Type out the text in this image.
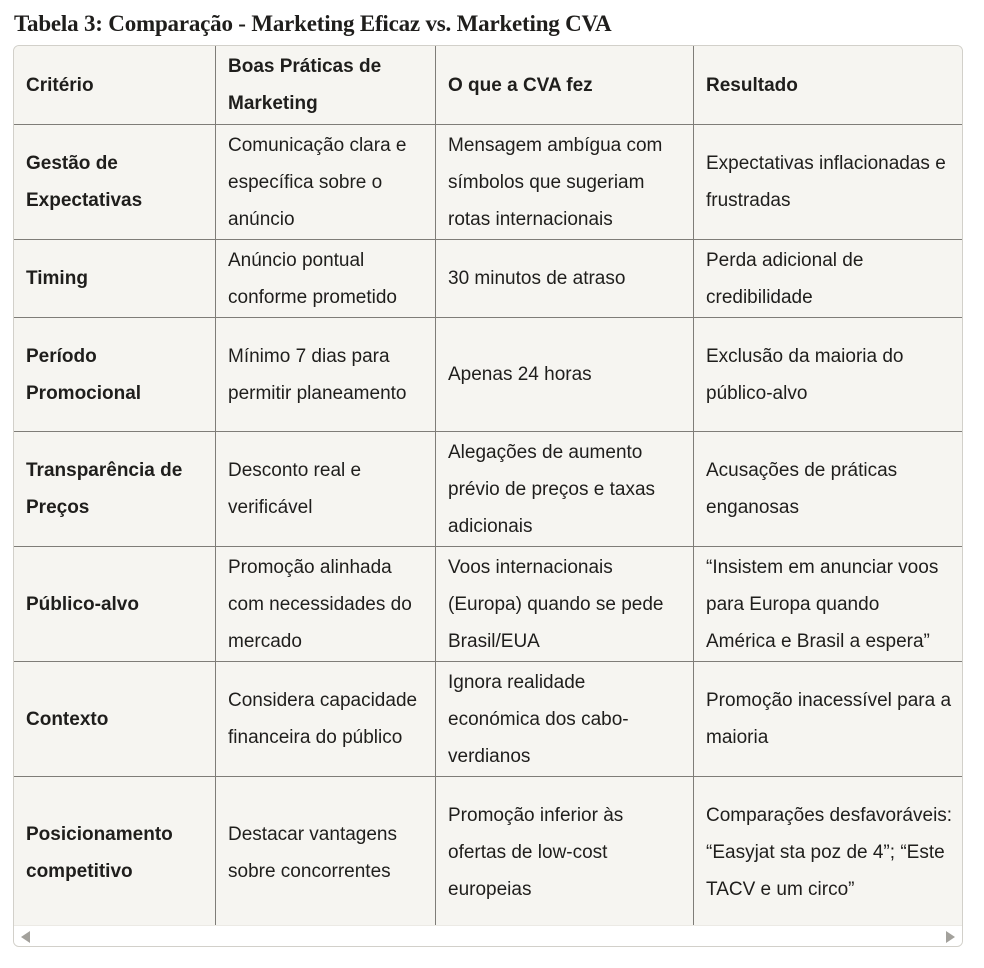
Tabela 3: Comparação - Marketing Eficaz vs. Marketing CVA
Critério	Boas Práticas de Marketing	O que a CVA fez	Resultado
Gestão de Expectativas	Comunicação clara e específica sobre o anúncio	Mensagem ambígua com símbolos que sugeriam rotas internacionais	Expectativas inflacionadas e frustradas
Timing	Anúncio pontual conforme prometido	30 minutos de atraso	Perda adicional de credibilidade
Período Promocional	Mínimo 7 dias para permitir planeamento	Apenas 24 horas	Exclusão da maioria do público-alvo
Transparência de Preços	Desconto real e verificável	Alegações de aumento prévio de preços e taxas adicionais	Acusações de práticas enganosas
Público-alvo	Promoção alinhada com necessidades do mercado	Voos internacionais (Europa) quando se pede Brasil/EUA	“Insistem em anunciar voos para Europa quando América e Brasil a espera”
Contexto	Considera capacidade financeira do público	Ignora realidade económica dos cabo-verdianos	Promoção inacessível para a maioria
Posicionamento competitivo	Destacar vantagens sobre concorrentes	Promoção inferior às ofertas de low-cost europeias	Comparações desfavoráveis: “Easyjat sta poz de 4”; “Este TACV e um circo”
